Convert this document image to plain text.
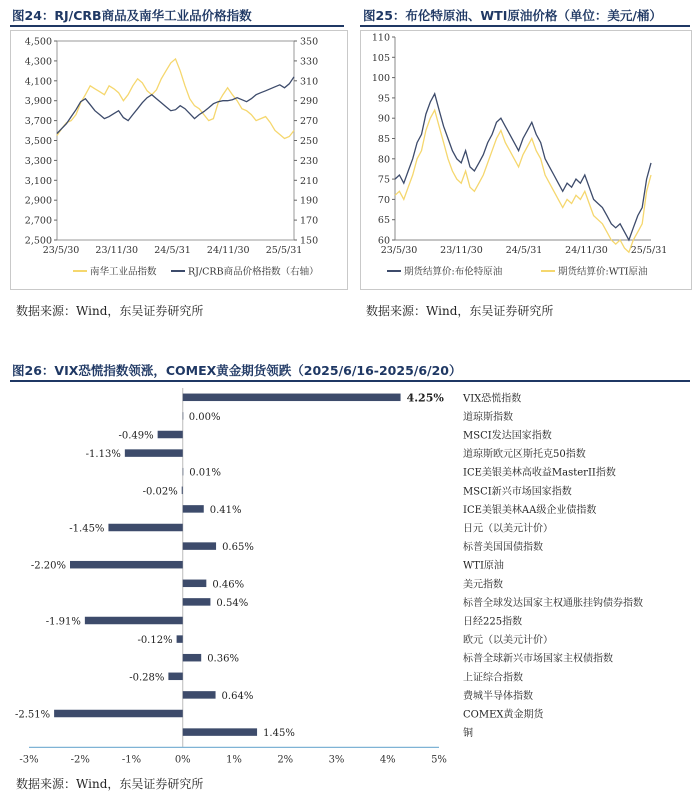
图24：RJ/CRB商品及南华工业品价格指数
4,500
4,300
4,100
3,900
3,700
3,500
3,300
3,100
2,900
2,700
2,500
350
330
310
290
270
250
230
210
190
170
150
23/5/30 23/11/30 24/5/31 24/11/30 25/5/31
南华工业品指数	RJ/CRB商品价格指数（右轴）
数据来源：Wind，东吴证券研究所
图25：布伦特原油、WTI原油价格（单位：美元/桶）
110
105
100
95
90
85
80
75
70
65
60
23/5/30 23/11/30 24/5/31 24/11/30 25/5/31
期货结算价:布伦特原油	期货结算价:WTI原油
数据来源：Wind，东吴证券研究所
图26：VIX恐慌指数领涨，COMEX黄金期货领跌（2025/6/16-2025/6/20）
-3%	-2%	-1%	0%	1%	2%	3%	4%	5%
4.25% VIX恐慌指数
0.00%	道琼斯指数
-0.49%	MSCI发达国家指数
-1.13%	道琼斯欧元区斯托克50指数
0.01%	ICE美银美林高收益MasterII指数
-0.02%	MSCI新兴市场国家指数
0.41%	ICE美银美林AA级企业债指数
-1.45%	日元（以美元计价）
0.65%	标普美国国债指数
-2.20%	WTI原油
0.46%	美元指数
0.54%	标普全球发达国家主权通胀挂钩债券指数
-1.91%	日经225指数
-0.12%	欧元（以美元计价）
0.36%	标普全球新兴市场国家主权债指数
-0.28%	上证综合指数
0.64%	费城半导体指数
-2.51%	COMEX黄金期货
1.45%	铜
数据来源：Wind，东吴证券研究所
